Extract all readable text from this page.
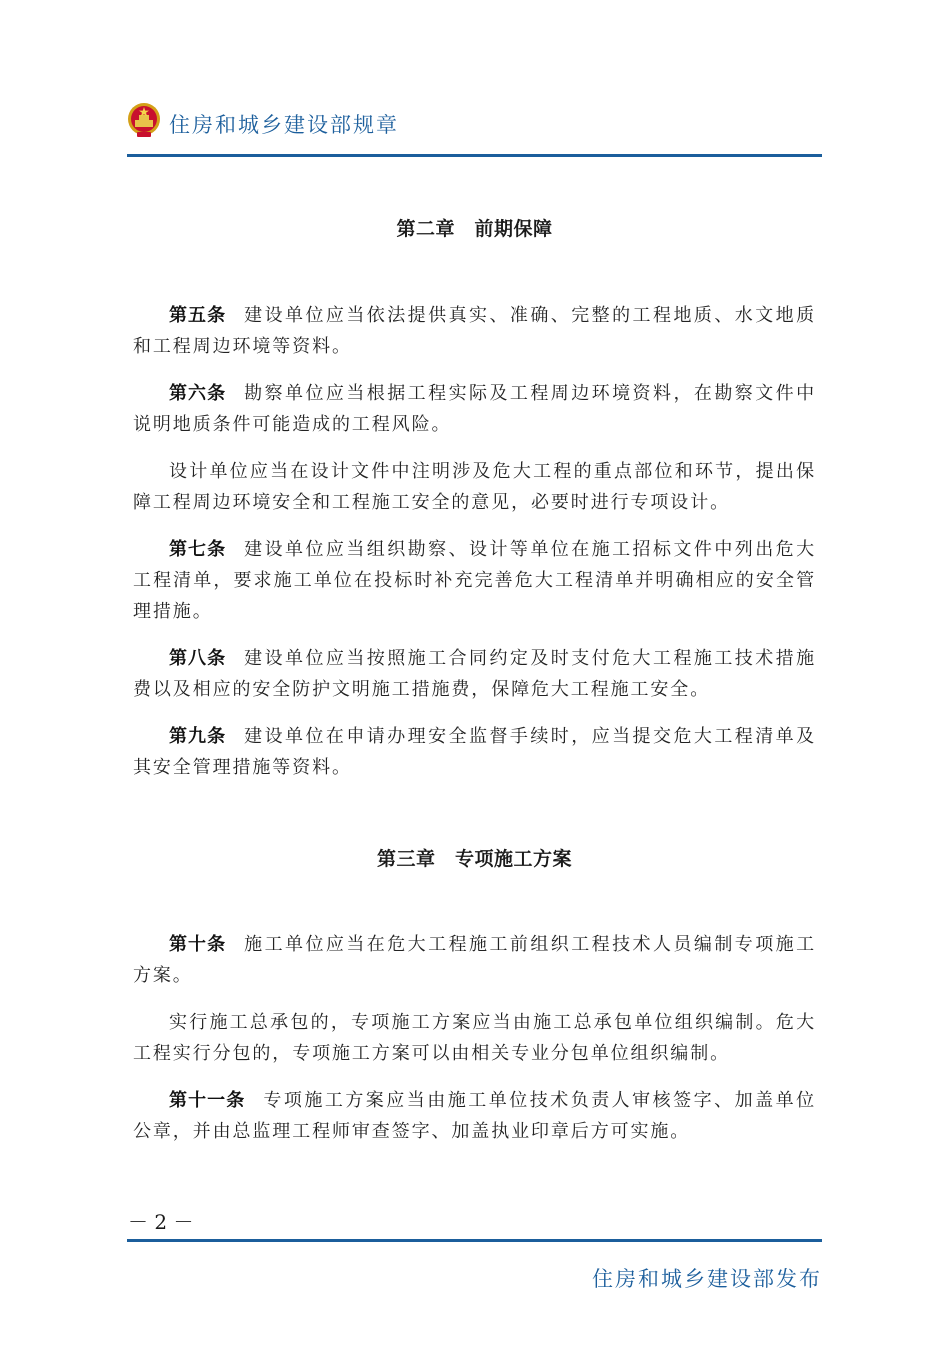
住房和城乡建设部规章
第二章　前期保障

第五条 建设单位应当依法提供真实、准确、完整的工程地质、水文地质和工程周边环境等资料。

第六条 勘察单位应当根据工程实际及工程周边环境资料，在勘察文件中说明地质条件可能造成的工程风险。

设计单位应当在设计文件中注明涉及危大工程的重点部位和环节，提出保障工程周边环境安全和工程施工安全的意见，必要时进行专项设计。

第七条 建设单位应当组织勘察、设计等单位在施工招标文件中列出危大工程清单，要求施工单位在投标时补充完善危大工程清单并明确相应的安全管理措施。

第八条 建设单位应当按照施工合同约定及时支付危大工程施工技术措施费以及相应的安全防护文明施工措施费，保障危大工程施工安全。

第九条 建设单位在申请办理安全监督手续时，应当提交危大工程清单及其安全管理措施等资料。

第三章　专项施工方案

第十条 施工单位应当在危大工程施工前组织工程技术人员编制专项施工方案。

实行施工总承包的，专项施工方案应当由施工总承包单位组织编制。危大工程实行分包的，专项施工方案可以由相关专业分包单位组织编制。

第十一条 专项施工方案应当由施工单位技术负责人审核签字、加盖单位公章，并由总监理工程师审查签字、加盖执业印章后方可实施。

－ 2 －
住房和城乡建设部发布
